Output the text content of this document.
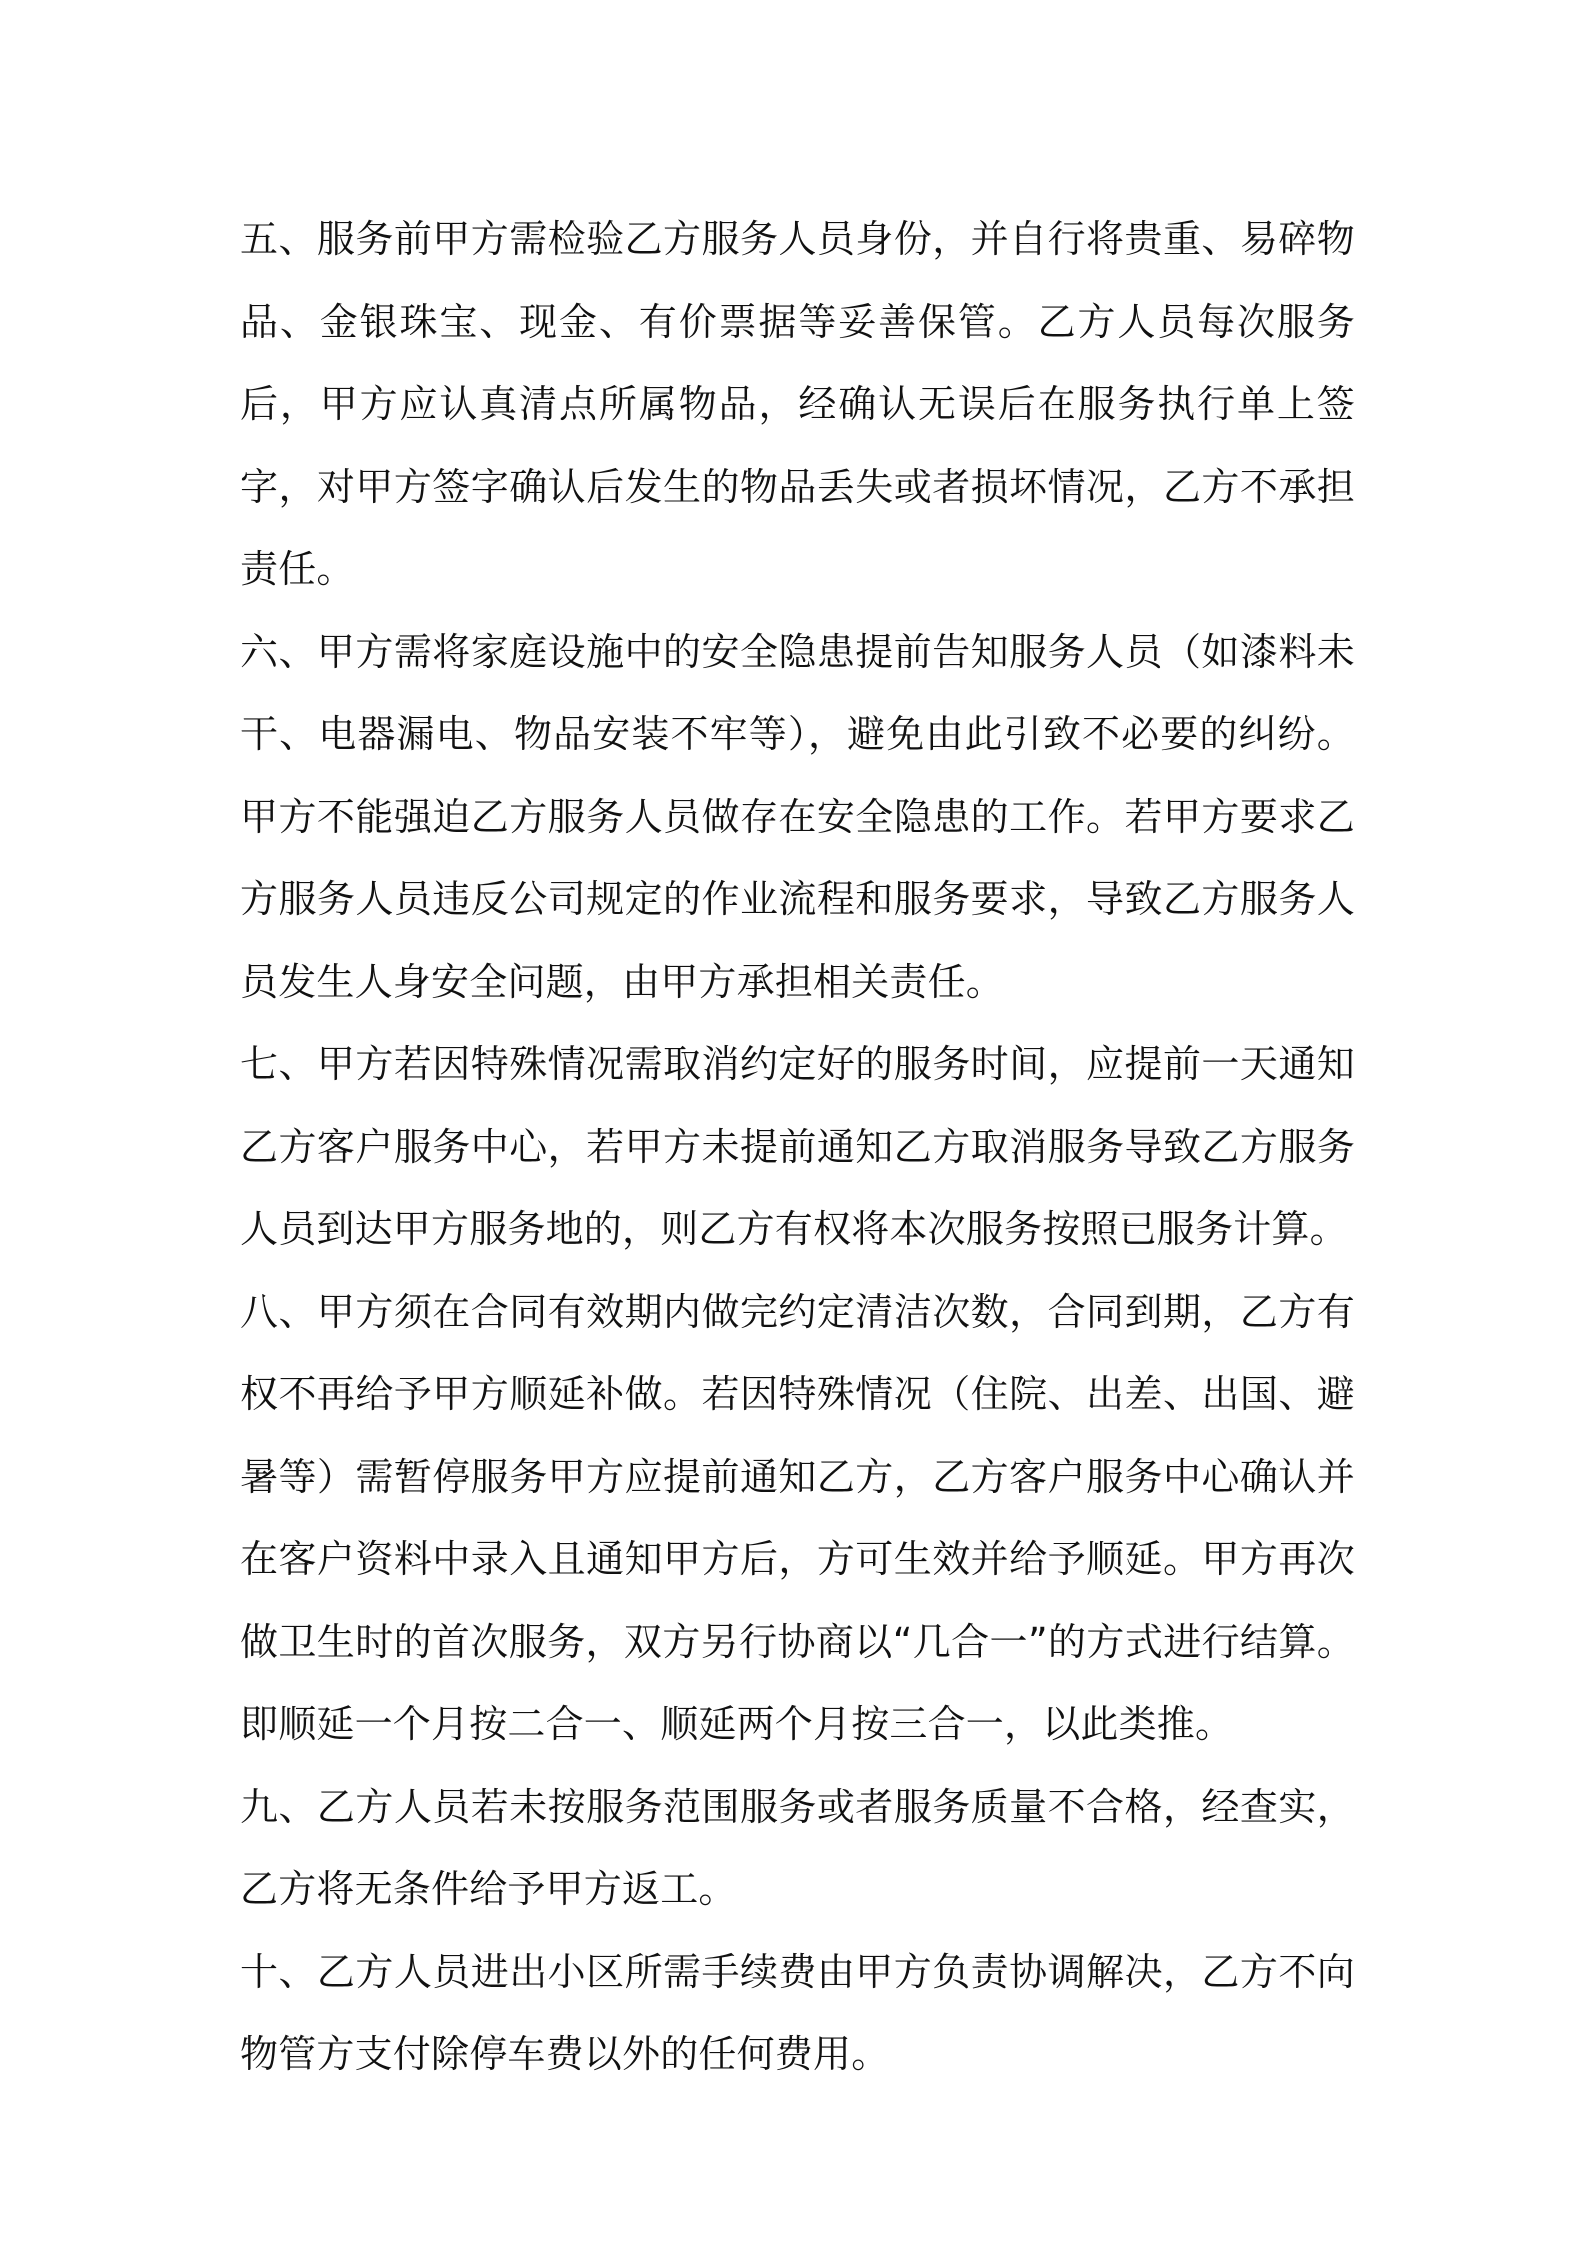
五、服务前甲方需检验乙方服务人员身份，并自行将贵重、易碎物品、金银珠宝、现金、有价票据等妥善保管。乙方人员每次服务后，甲方应认真清点所属物品，经确认无误后在服务执行单上签字，对甲方签字确认后发生的物品丢失或者损坏情况，乙方不承担责任。

六、甲方需将家庭设施中的安全隐患提前告知服务人员（如漆料未干、电器漏电、物品安装不牢等），避免由此引致不必要的纠纷。甲方不能强迫乙方服务人员做存在安全隐患的工作。若甲方要求乙方服务人员违反公司规定的作业流程和服务要求，导致乙方服务人员发生人身安全问题，由甲方承担相关责任。

七、甲方若因特殊情况需取消约定好的服务时间，应提前一天通知乙方客户服务中心，若甲方未提前通知乙方取消服务导致乙方服务人员到达甲方服务地的，则乙方有权将本次服务按照已服务计算。

八、甲方须在合同有效期内做完约定清洁次数，合同到期，乙方有权不再给予甲方顺延补做。若因特殊情况（住院、出差、出国、避暑等）需暂停服务甲方应提前通知乙方，乙方客户服务中心确认并在客户资料中录入且通知甲方后，方可生效并给予顺延。甲方再次做卫生时的首次服务，双方另行协商以“几合一”的方式进行结算。即顺延一个月按二合一、顺延两个月按三合一，以此类推。

九、乙方人员若未按服务范围服务或者服务质量不合格，经查实，乙方将无条件给予甲方返工。

十、乙方人员进出小区所需手续费由甲方负责协调解决，乙方不向物管方支付除停车费以外的任何费用。
